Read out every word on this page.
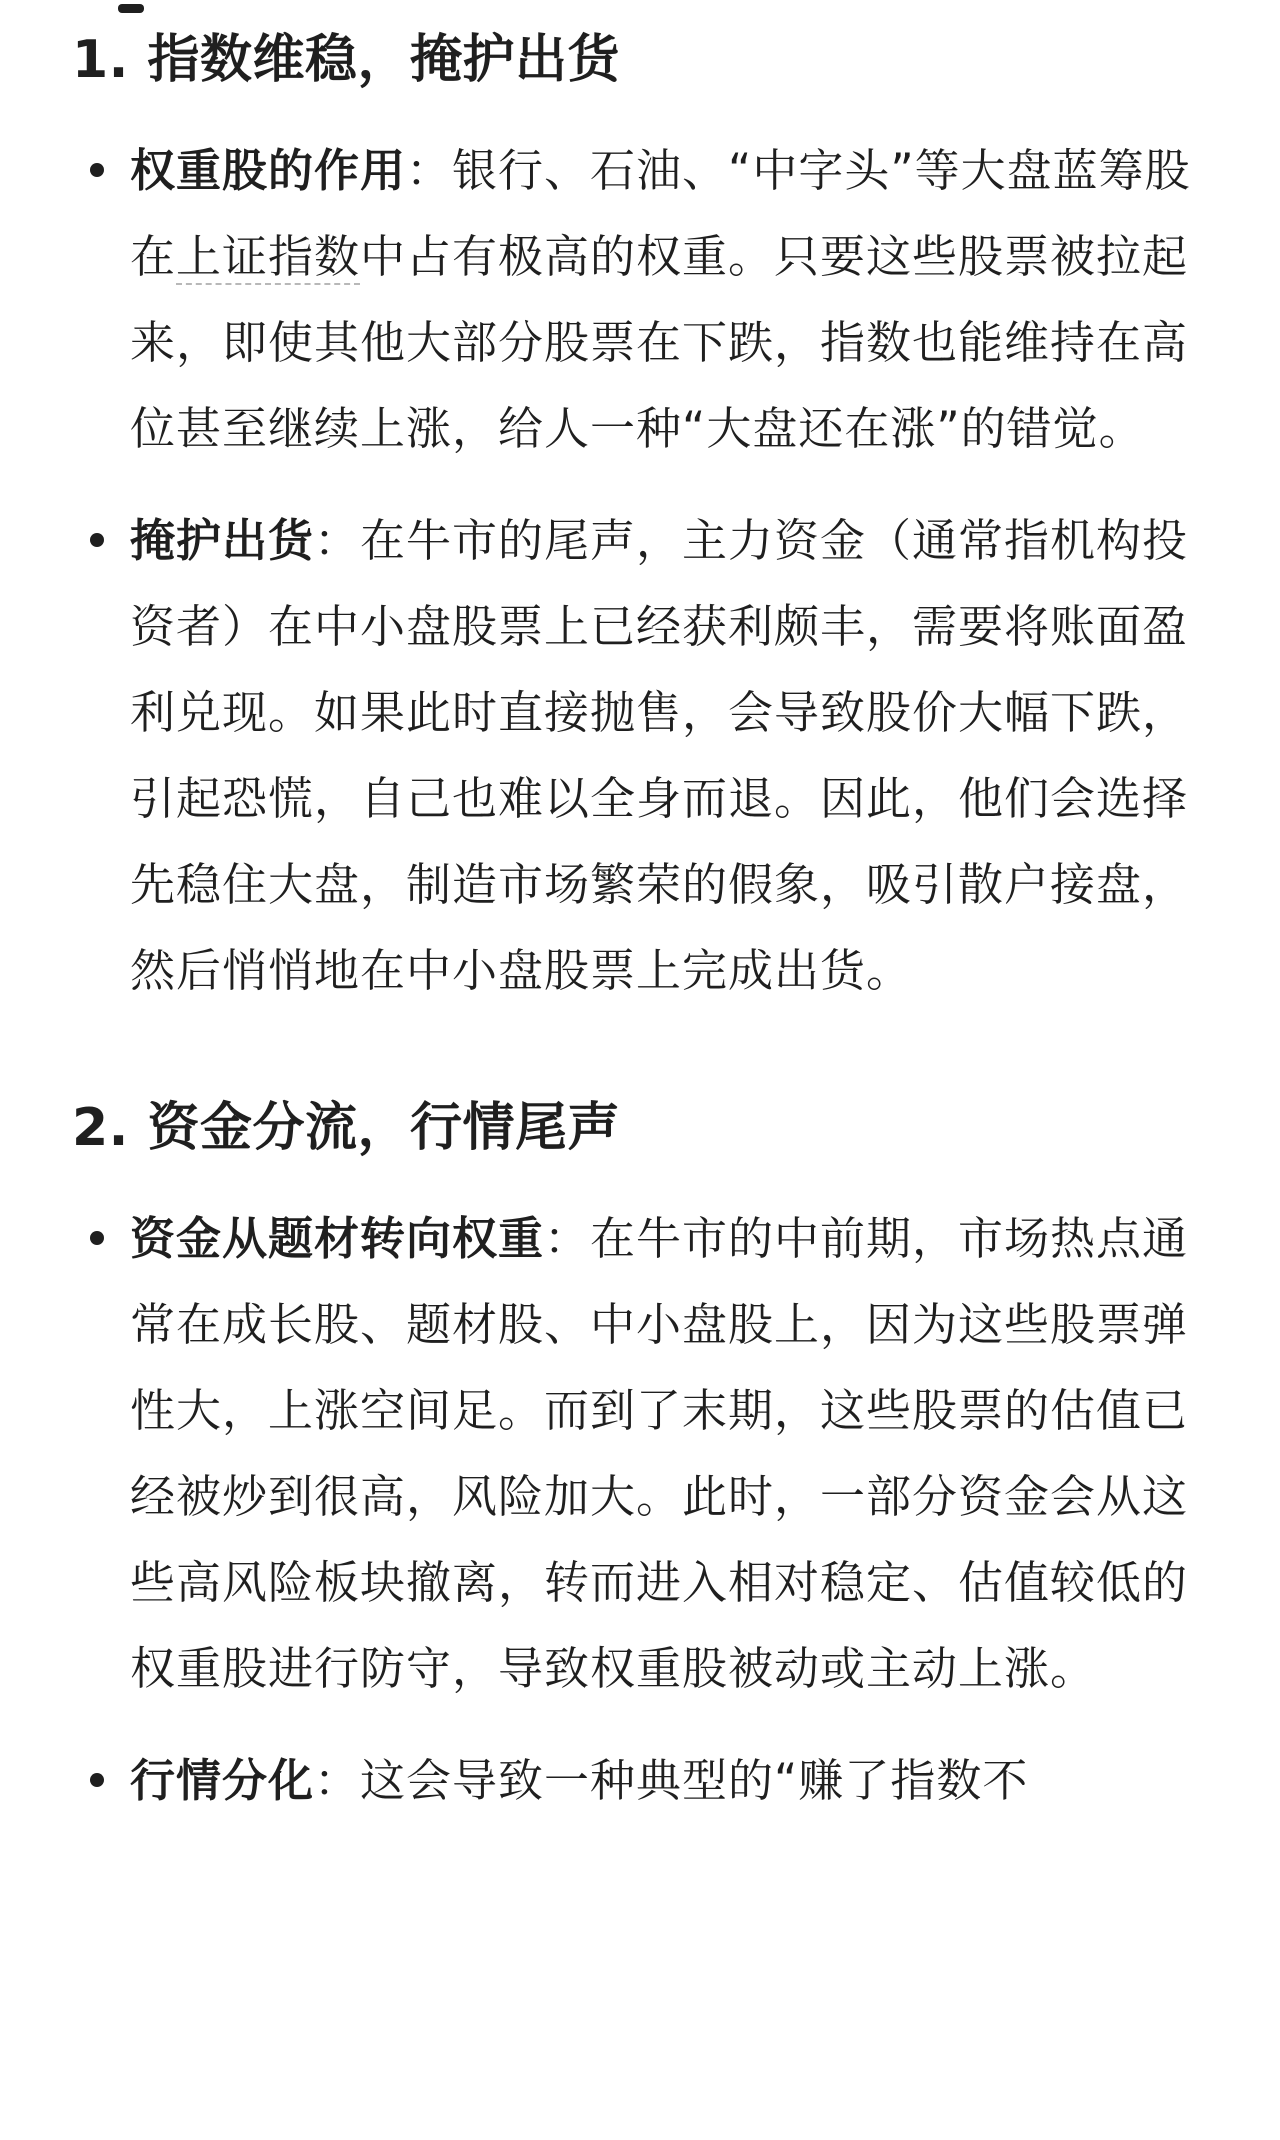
1. 指数维稳，掩护出货
权重股的作用：银行、石油、“中字头”等大盘蓝筹股在上证指数中占有极高的权重。只要这些股票被拉起来，即使其他大部分股票在下跌，指数也能维持在高位甚至继续上涨，给人一种“大盘还在涨”的错觉。
掩护出货：在牛市的尾声，主力资金（通常指机构投资者）在中小盘股票上已经获利颇丰，需要将账面盈利兑现。如果此时直接抛售，会导致股价大幅下跌，引起恐慌，自己也难以全身而退。因此，他们会选择先稳住大盘，制造市场繁荣的假象，吸引散户接盘，然后悄悄地在中小盘股票上完成出货。
2. 资金分流，行情尾声
资金从题材转向权重：在牛市的中前期，市场热点通常在成长股、题材股、中小盘股上，因为这些股票弹性大，上涨空间足。而到了末期，这些股票的估值已经被炒到很高，风险加大。此时，一部分资金会从这些高风险板块撤离，转而进入相对稳定、估值较低的权重股进行防守，导致权重股被动或主动上涨。
行情分化：这会导致一种典型的“赚了指数不
